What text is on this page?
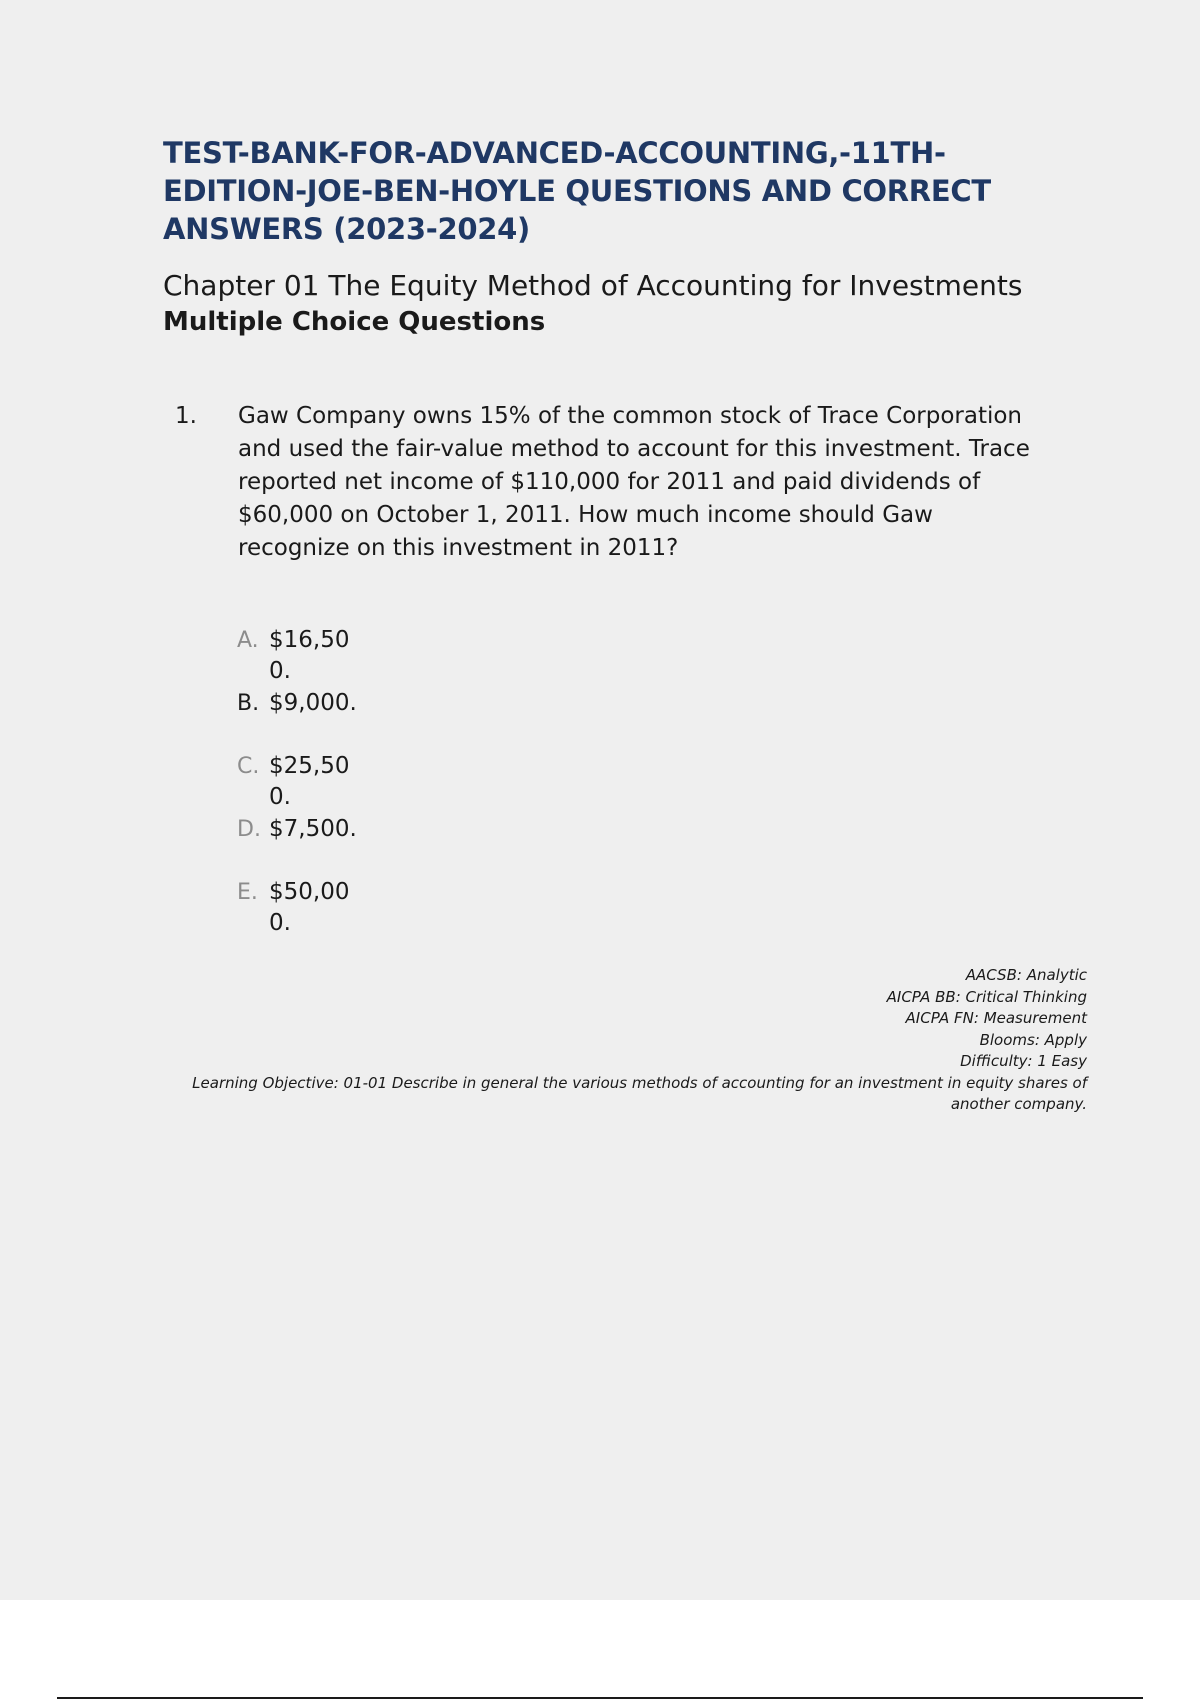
TEST-BANK-FOR-ADVANCED-ACCOUNTING,-11TH-EDITION-JOE-BEN-HOYLE QUESTIONS AND CORRECT ANSWERS (2023-2024)
Chapter 01 The Equity Method of Accounting for Investments
Multiple Choice Questions
1. Gaw Company owns 15% of the common stock of Trace Corporation and used the fair-value method to account for this investment. Trace reported net income of $110,000 for 2011 and paid dividends of $60,000 on October 1, 2011. How much income should Gaw recognize on this investment in 2011?
A. $16,500.
B. $9,000.
C. $25,500.
D. $7,500.
E. $50,000.
AACSB: Analytic
AICPA BB: Critical Thinking
AICPA FN: Measurement
Blooms: Apply
Difficulty: 1 Easy
Learning Objective: 01-01 Describe in general the various methods of accounting for an investment in equity shares of another company.
